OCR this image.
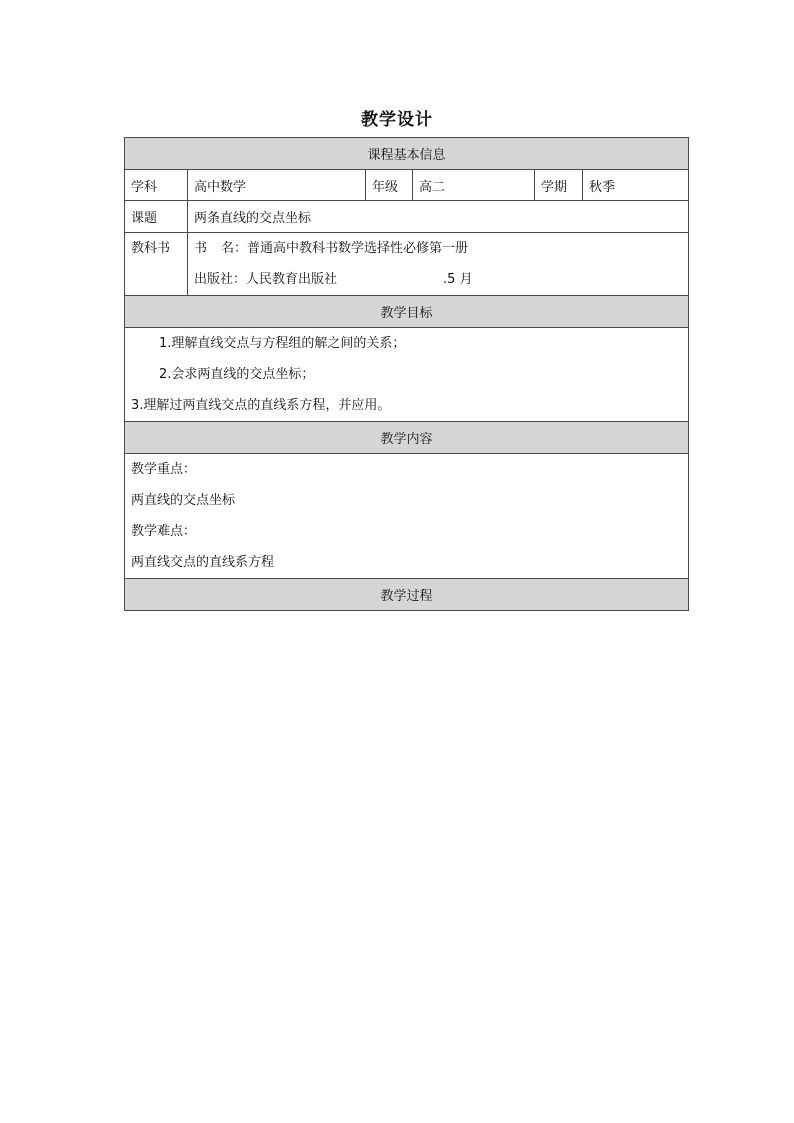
教学设计
课程基本信息					
学科	高中数学	年级	高二	学期	秋季
课题	两条直线的交点坐标				

教科书	书 名：普通高中教科书数学选择性必修第一册
出版社：人民教育出版社 .5 月				

教学目标					

1.理解直线交点与方程组的解之间的关系；
2.会求两直线的交点坐标；
3.理解过两直线交点的直线系方程，并应用。					

教学内容					

教学重点：
两直线的交点坐标
教学难点：
两直线交点的直线系方程					

教学过程					
